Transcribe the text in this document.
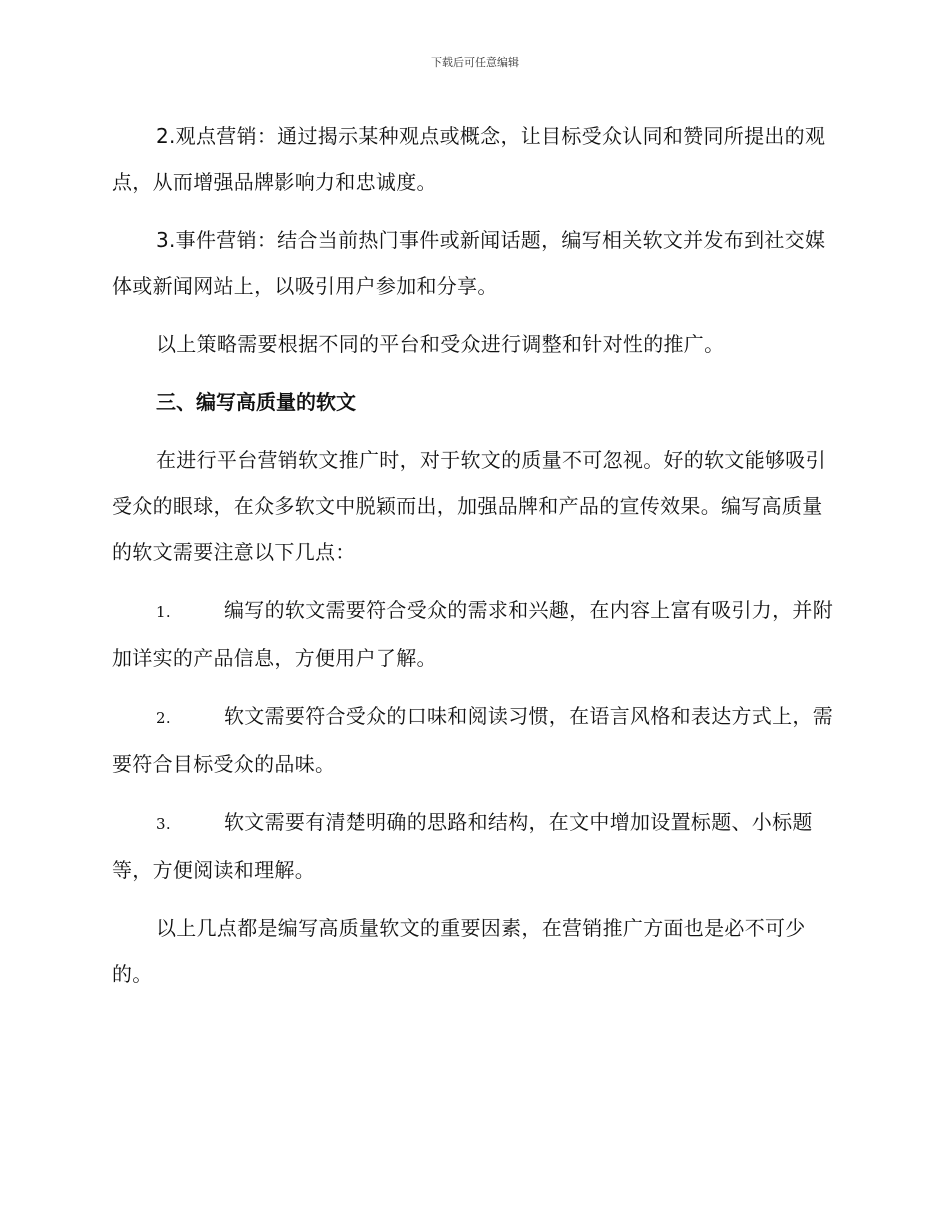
下载后可任意编辑

2.观点营销：通过揭示某种观点或概念，让目标受众认同和赞同所提出的观点，从而增强品牌影响力和忠诚度。

3.事件营销：结合当前热门事件或新闻话题，编写相关软文并发布到社交媒体或新闻网站上，以吸引用户参加和分享。

以上策略需要根据不同的平台和受众进行调整和针对性的推广。

三、编写高质量的软文

在进行平台营销软文推广时，对于软文的质量不可忽视。好的软文能够吸引受众的眼球，在众多软文中脱颖而出，加强品牌和产品的宣传效果。编写高质量的软文需要注意以下几点：

1.	编写的软文需要符合受众的需求和兴趣，在内容上富有吸引力，并附加详实的产品信息，方便用户了解。

2.	软文需要符合受众的口味和阅读习惯，在语言风格和表达方式上，需要符合目标受众的品味。

3.	软文需要有清楚明确的思路和结构，在文中增加设置标题、小标题等，方便阅读和理解。

以上几点都是编写高质量软文的重要因素，在营销推广方面也是必不可少的。
